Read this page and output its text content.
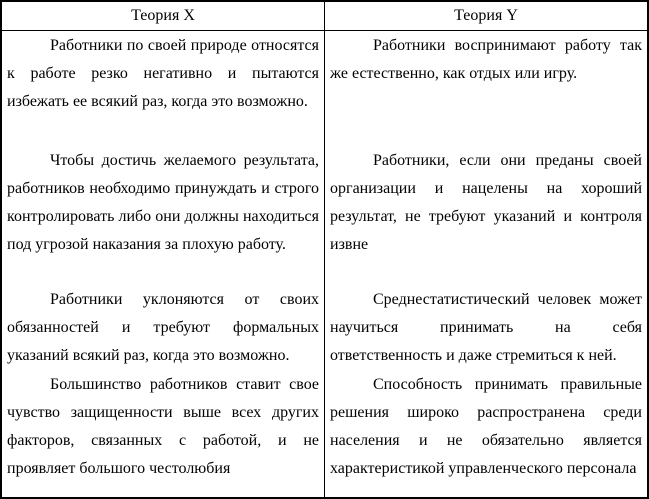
Теория X	Теория Y

Работники по своей природе относятся к работе резко негативно и пытаются избежать ее всякий раз, когда это возможно.	Работники воспринимают работу так же естественно, как отдых или игру.

Чтобы достичь желаемого результата, работников необходимо принуждать и строго контролировать либо они должны находиться под угрозой наказания за плохую работу.	Работники, если они преданы своей организации и нацелены на хороший результат, не требуют указаний и контроля извне

Работники уклоняются от своих обязанностей и требуют формальных указаний всякий раз, когда это возможно.	Среднестатистический человек может научиться принимать на себя ответственность и даже стремиться к ней.

Большинство работников ставит свое чувство защищенности выше всех других факторов, связанных с работой, и не проявляет большого честолюбия	Способность принимать правильные решения широко распространена среди населения и не обязательно является характеристикой управленческого персонала
